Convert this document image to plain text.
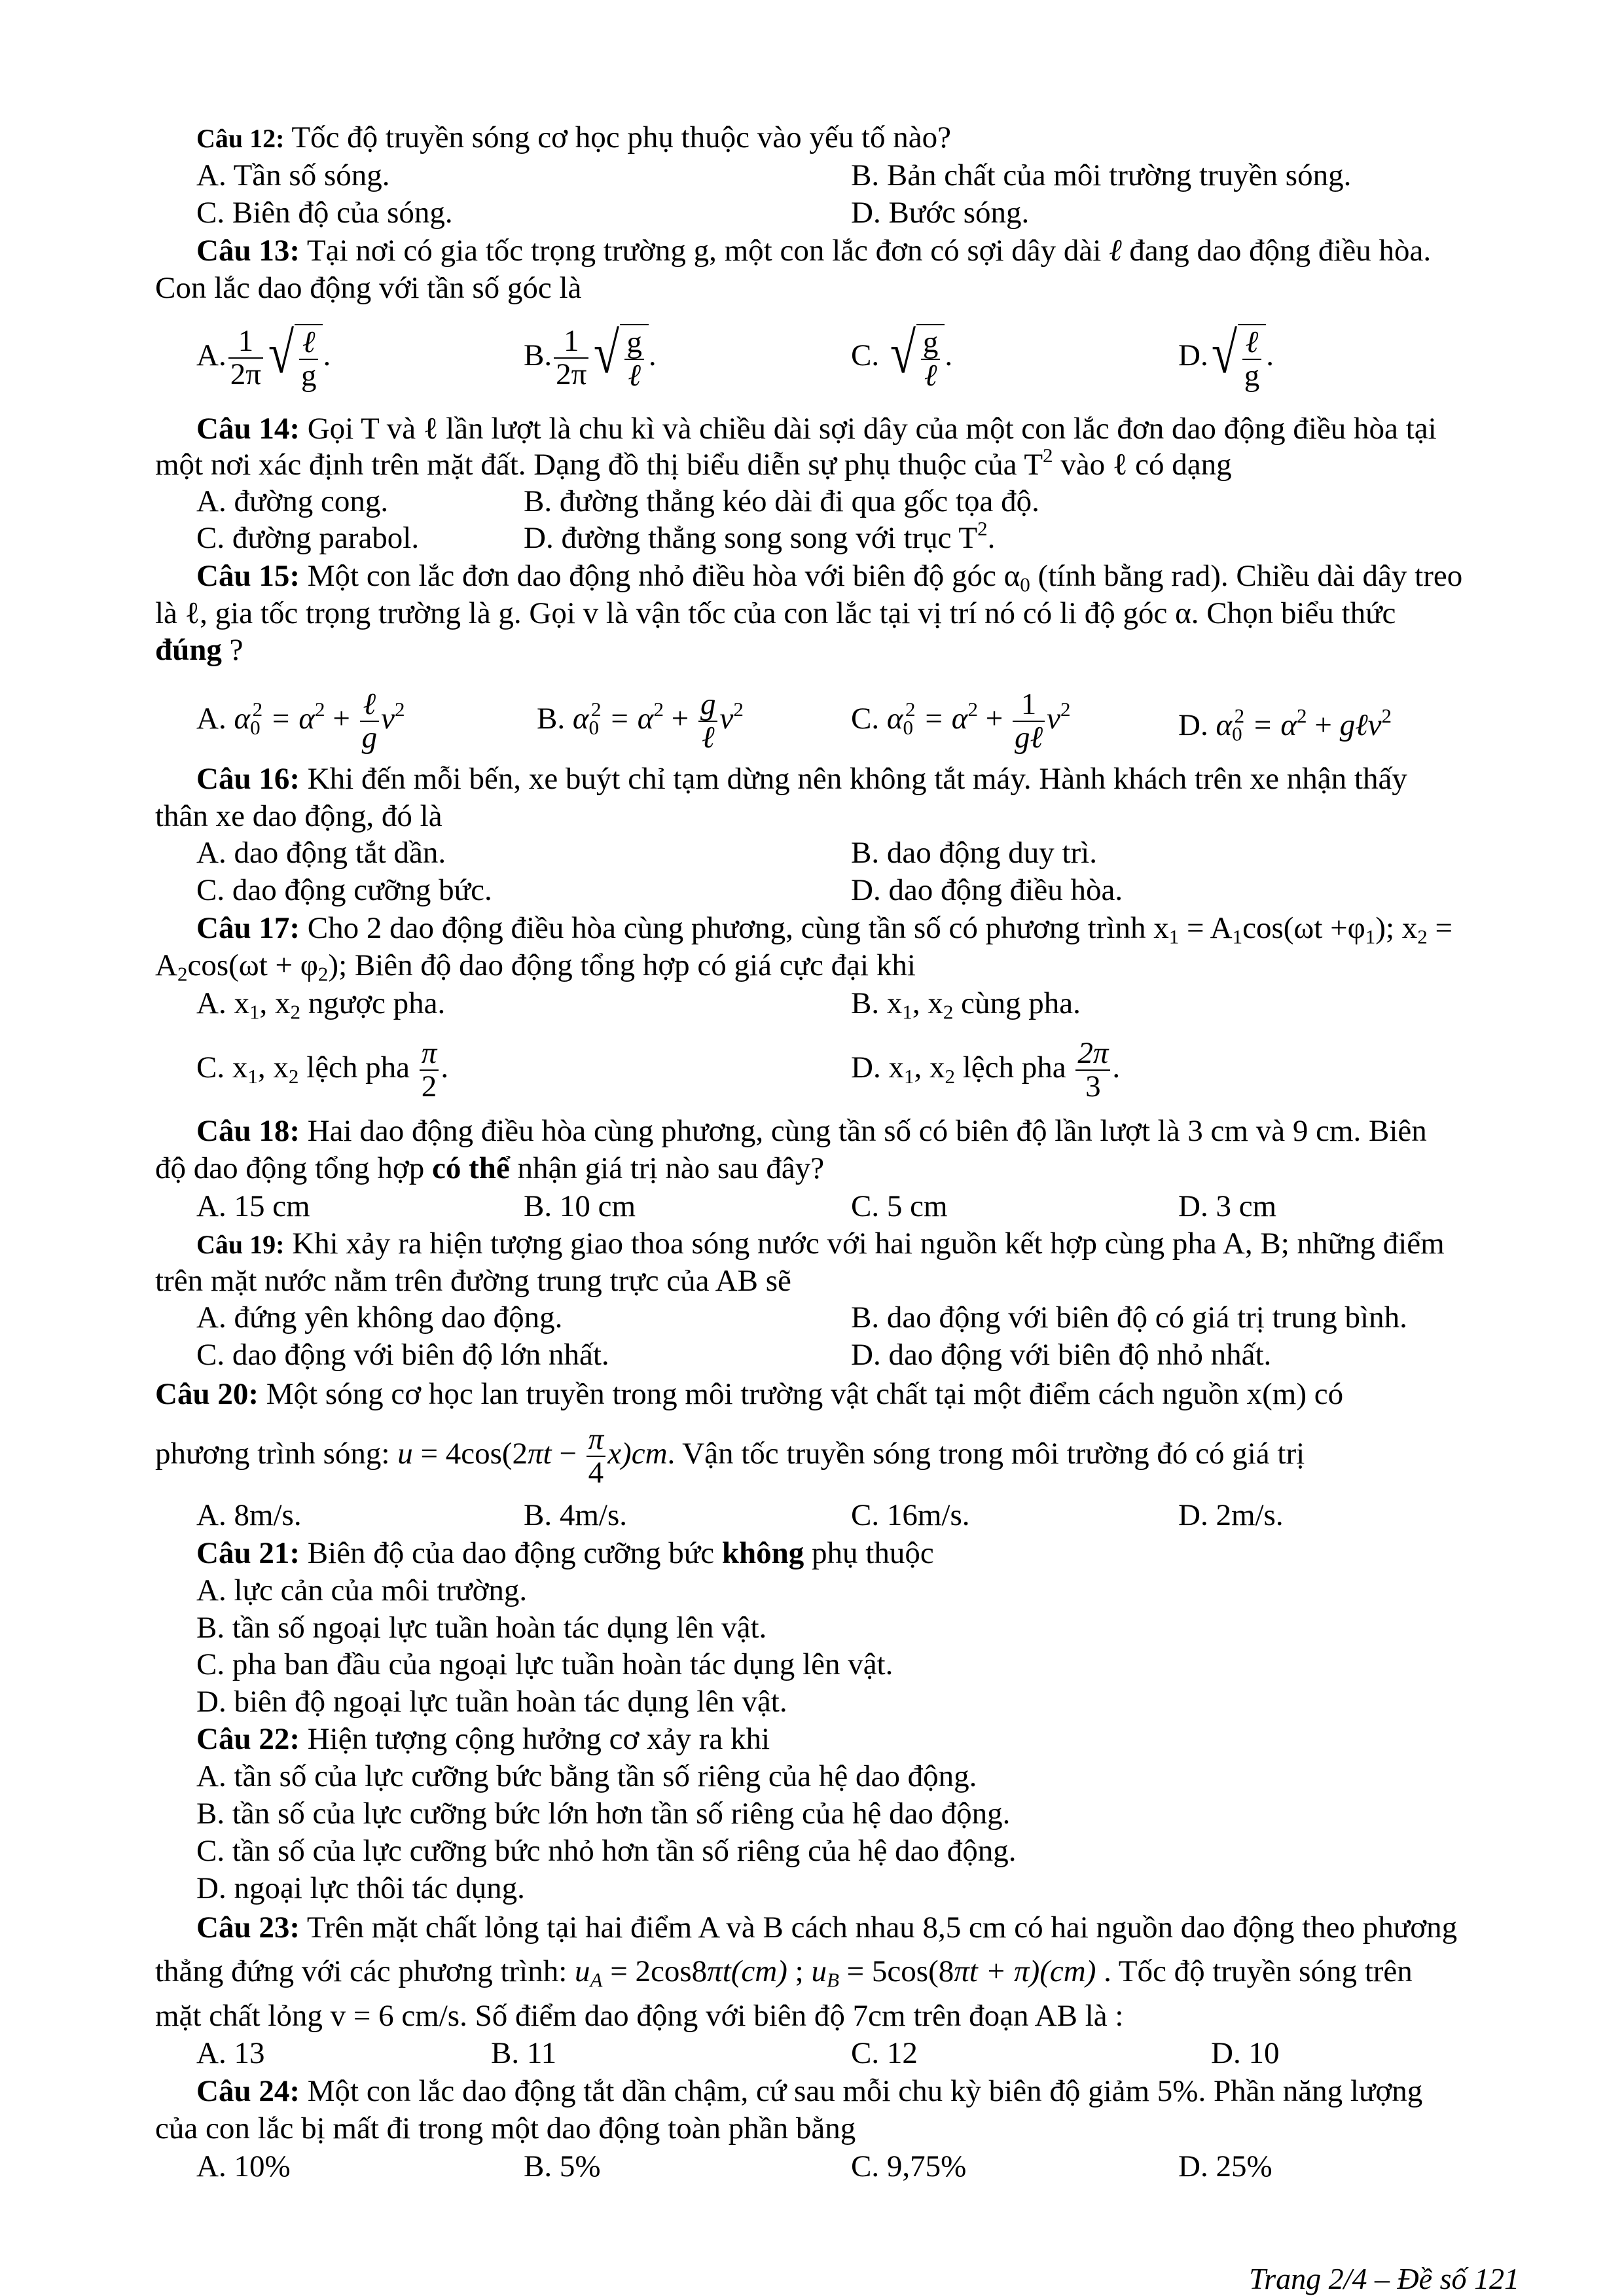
Câu 12: Tốc độ truyền sóng cơ học phụ thuộc vào yếu tố nào?
A. Tần số sóng.	B. Bản chất của môi trường truyền sóng.
C. Biên độ của sóng.	D. Bước sóng.
Câu 13: Tại nơi có gia tốc trọng trường g, một con lắc đơn có sợi dây dài ℓ đang dao động điều hòa.
Con lắc dao động với tần số góc là
A. $\frac{1}{2\pi}$ √ $\frac{\text{ℓ}}{g}$ .	B. $\frac{1}{2\pi}$ √ $\frac{g}{\text{ℓ}}$ .	C. √ $\frac{g}{\text{ℓ}}$ .	D. √ $\frac{\text{ℓ}}{g}$ .
Câu 14: Gọi T và ℓ lần lượt là chu kì và chiều dài sợi dây của một con lắc đơn dao động điều hòa tại
một nơi xác định trên mặt đất. Dạng đồ thị biểu diễn sự phụ thuộc của $T^2$ vào ℓ có dạng
A. đường cong.	B. đường thẳng kéo dài đi qua gốc tọa độ.
C. đường parabol.	D. đường thẳng song song với trục $T^2$.
Câu 15: Một con lắc đơn dao động nhỏ điều hòa với biên độ góc $\alpha_0$ (tính bằng rad). Chiều dài dây treo
là ℓ, gia tốc trọng trường là g. Gọi v là vận tốc của con lắc tại vị trí nó có li độ góc α. Chọn biểu thức
đúng ?
A. $\alpha_0^2 = \alpha^2 + \frac{\text{ℓ}}{g} v^2$	B. $\alpha_0^2 = \alpha^2 + \frac{g}{\text{ℓ}} v^2$	C. $\alpha_0^2 = \alpha^2 + \frac{1}{\text{gℓ}} v^2$	D. $\alpha_0^2 = \alpha^2$ + gℓv$^2$
Câu 16: Khi đến mỗi bến, xe buýt chỉ tạm dừng nên không tắt máy. Hành khách trên xe nhận thấy
thân xe dao động, đó là
A. dao động tắt dần.	B. dao động duy trì.
C. dao động cưỡng bức.	D. dao động điều hòa.
Câu 17: Cho 2 dao động điều hòa cùng phương, cùng tần số có phương trình $x_1 = A_1\cos(\omega t +\varphi_1)$; $x_2$ =
$A_2\cos(\omega t + \varphi_2)$; Biên độ dao động tổng hợp có giá cực đại khi
A. $x_1$, $x_2$ ngược pha.	B. $x_1$, $x_2$ cùng pha.
C. $x_1$, $x_2$ lệch pha $\frac{\pi}{2}$ .	D. $x_1$, $x_2$ lệch pha $\frac{2\pi}{3}$ .
Câu 18: Hai dao động điều hòa cùng phương, cùng tần số có biên độ lần lượt là 3 cm và 9 cm. Biên
độ dao động tổng hợp có thể nhận giá trị nào sau đây?
A. 15 cm	B. 10 cm	C. 5 cm	D. 3 cm
Câu 19: Khi xảy ra hiện tượng giao thoa sóng nước với hai nguồn kết hợp cùng pha A, B; những điểm
trên mặt nước nằm trên đường trung trực của AB sẽ
A. đứng yên không dao động.	B. dao động với biên độ có giá trị trung bình.
C. dao động với biên độ lớn nhất.	D. dao động với biên độ nhỏ nhất.
Câu 20: Một sóng cơ học lan truyền trong môi trường vật chất tại một điểm cách nguồn x(m) có
phương trình sóng: $u = 4\cos(2\pi t - \frac{\pi}{4} x)cm$. Vận tốc truyền sóng trong môi trường đó có giá trị
A. 8m/s.	B. 4m/s.	C. 16m/s.	D. 2m/s.
Câu 21: Biên độ của dao động cưỡng bức không phụ thuộc
A. lực cản của môi trường.
B. tần số ngoại lực tuần hoàn tác dụng lên vật.
C. pha ban đầu của ngoại lực tuần hoàn tác dụng lên vật.
D. biên độ ngoại lực tuần hoàn tác dụng lên vật.
Câu 22: Hiện tượng cộng hưởng cơ xảy ra khi
A. tần số của lực cưỡng bức bằng tần số riêng của hệ dao động.
B. tần số của lực cưỡng bức lớn hơn tần số riêng của hệ dao động.
C. tần số của lực cưỡng bức nhỏ hơn tần số riêng của hệ dao động.
D. ngoại lực thôi tác dụng.
Câu 23: Trên mặt chất lỏng tại hai điểm A và B cách nhau 8,5 cm có hai nguồn dao động theo phương
thẳng đứng với các phương trình: $u_A = 2\cos 8\pi t(cm)$ ; $u_B = 5\cos(8\pi t + \pi)(cm)$ . Tốc độ truyền sóng trên
mặt chất lỏng v = 6 cm/s. Số điểm dao động với biên độ 7cm trên đoạn AB là :
A. 13	B. 11	C. 12	D. 10
Câu 24: Một con lắc dao động tắt dần chậm, cứ sau mỗi chu kỳ biên độ giảm 5%. Phần năng lượng
của con lắc bị mất đi trong một dao động toàn phần bằng
A. 10%	B. 5%	C. 9,75%	D. 25%
Trang 2/4 – Đề số 121
